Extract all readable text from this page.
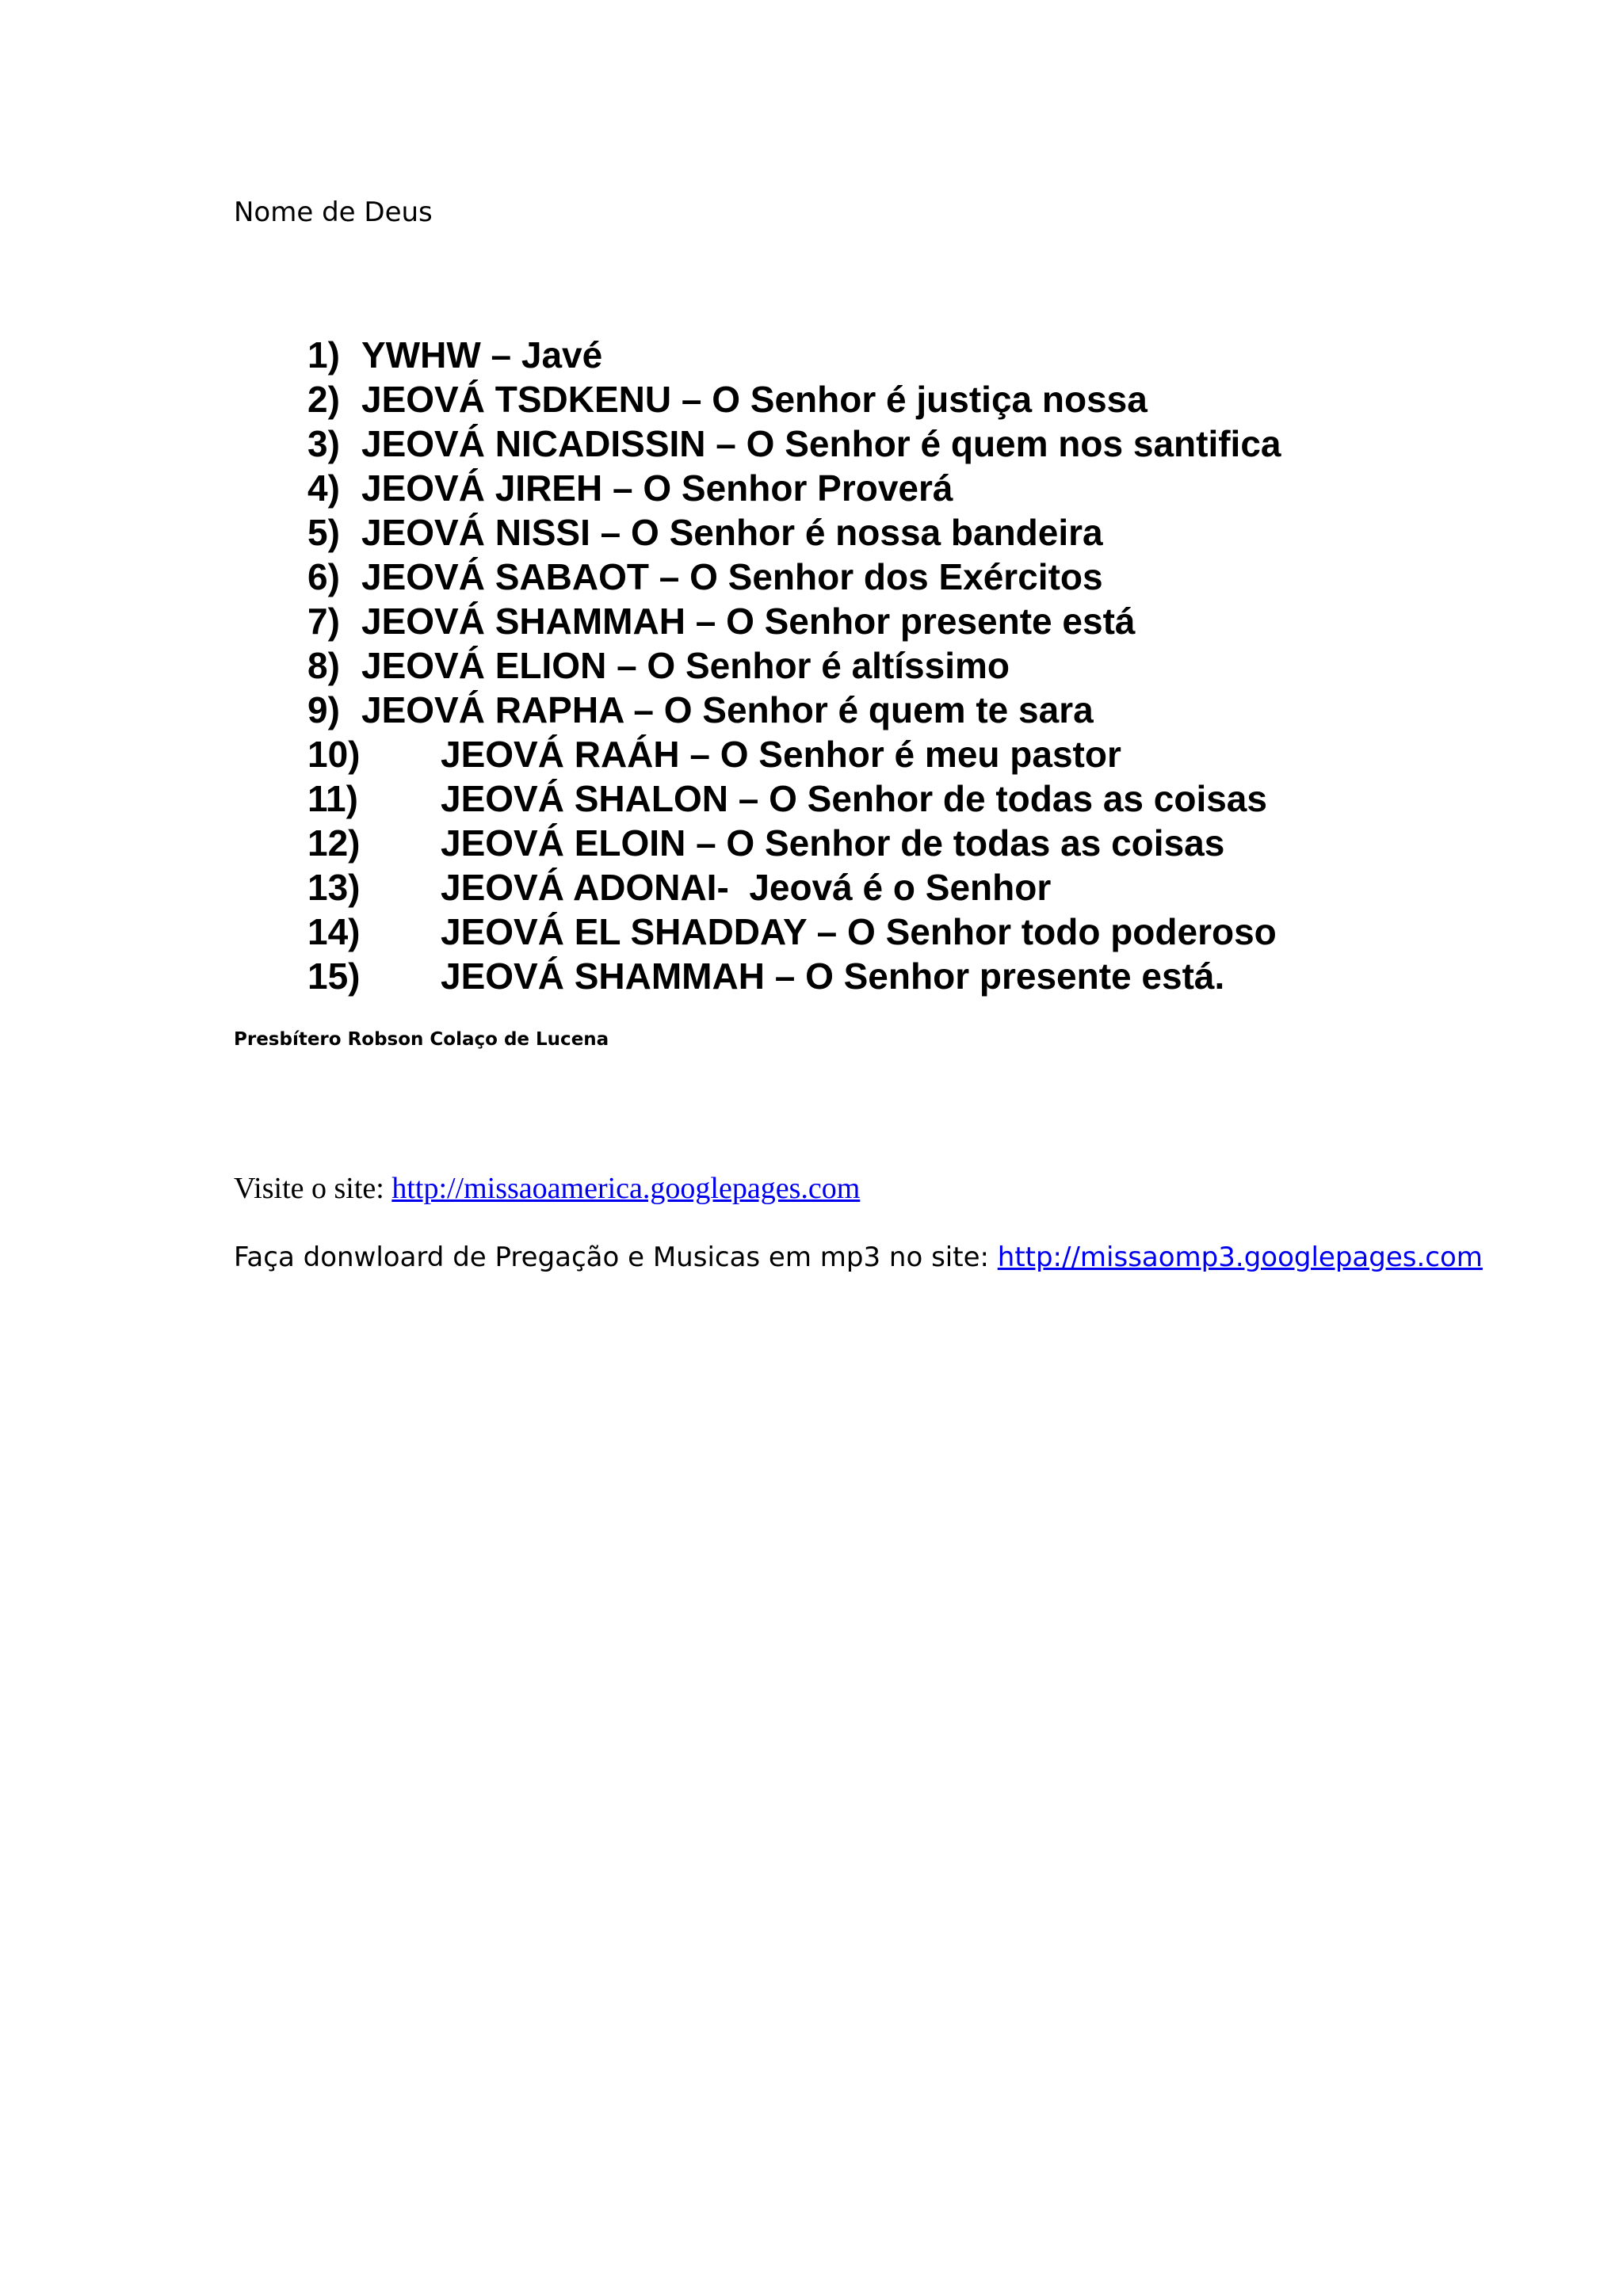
Nome de Deus
1) YWHW – Javé
2) JEOVÁ TSDKENU – O Senhor é justiça nossa
3) JEOVÁ NICADISSIN – O Senhor é quem nos santifica
4) JEOVÁ JIREH – O Senhor Proverá
5) JEOVÁ NISSI – O Senhor é nossa bandeira
6) JEOVÁ SABAOT – O Senhor dos Exércitos
7) JEOVÁ SHAMMAH – O Senhor presente está
8) JEOVÁ ELION – O Senhor é altíssimo
9) JEOVÁ RAPHA – O Senhor é quem te sara
10) JEOVÁ RAÁH – O Senhor é meu pastor
11) JEOVÁ SHALON – O Senhor de todas as coisas
12) JEOVÁ ELOIN – O Senhor de todas as coisas
13) JEOVÁ ADONAI-  Jeová é o Senhor
14) JEOVÁ EL SHADDAY – O Senhor todo poderoso
15) JEOVÁ SHAMMAH – O Senhor presente está.
Presbítero Robson Colaço de Lucena
Visite o site: http://missaoamerica.googlepages.com
Faça donwloard de Pregação e Musicas em mp3 no site: http://missaomp3.googlepages.com
